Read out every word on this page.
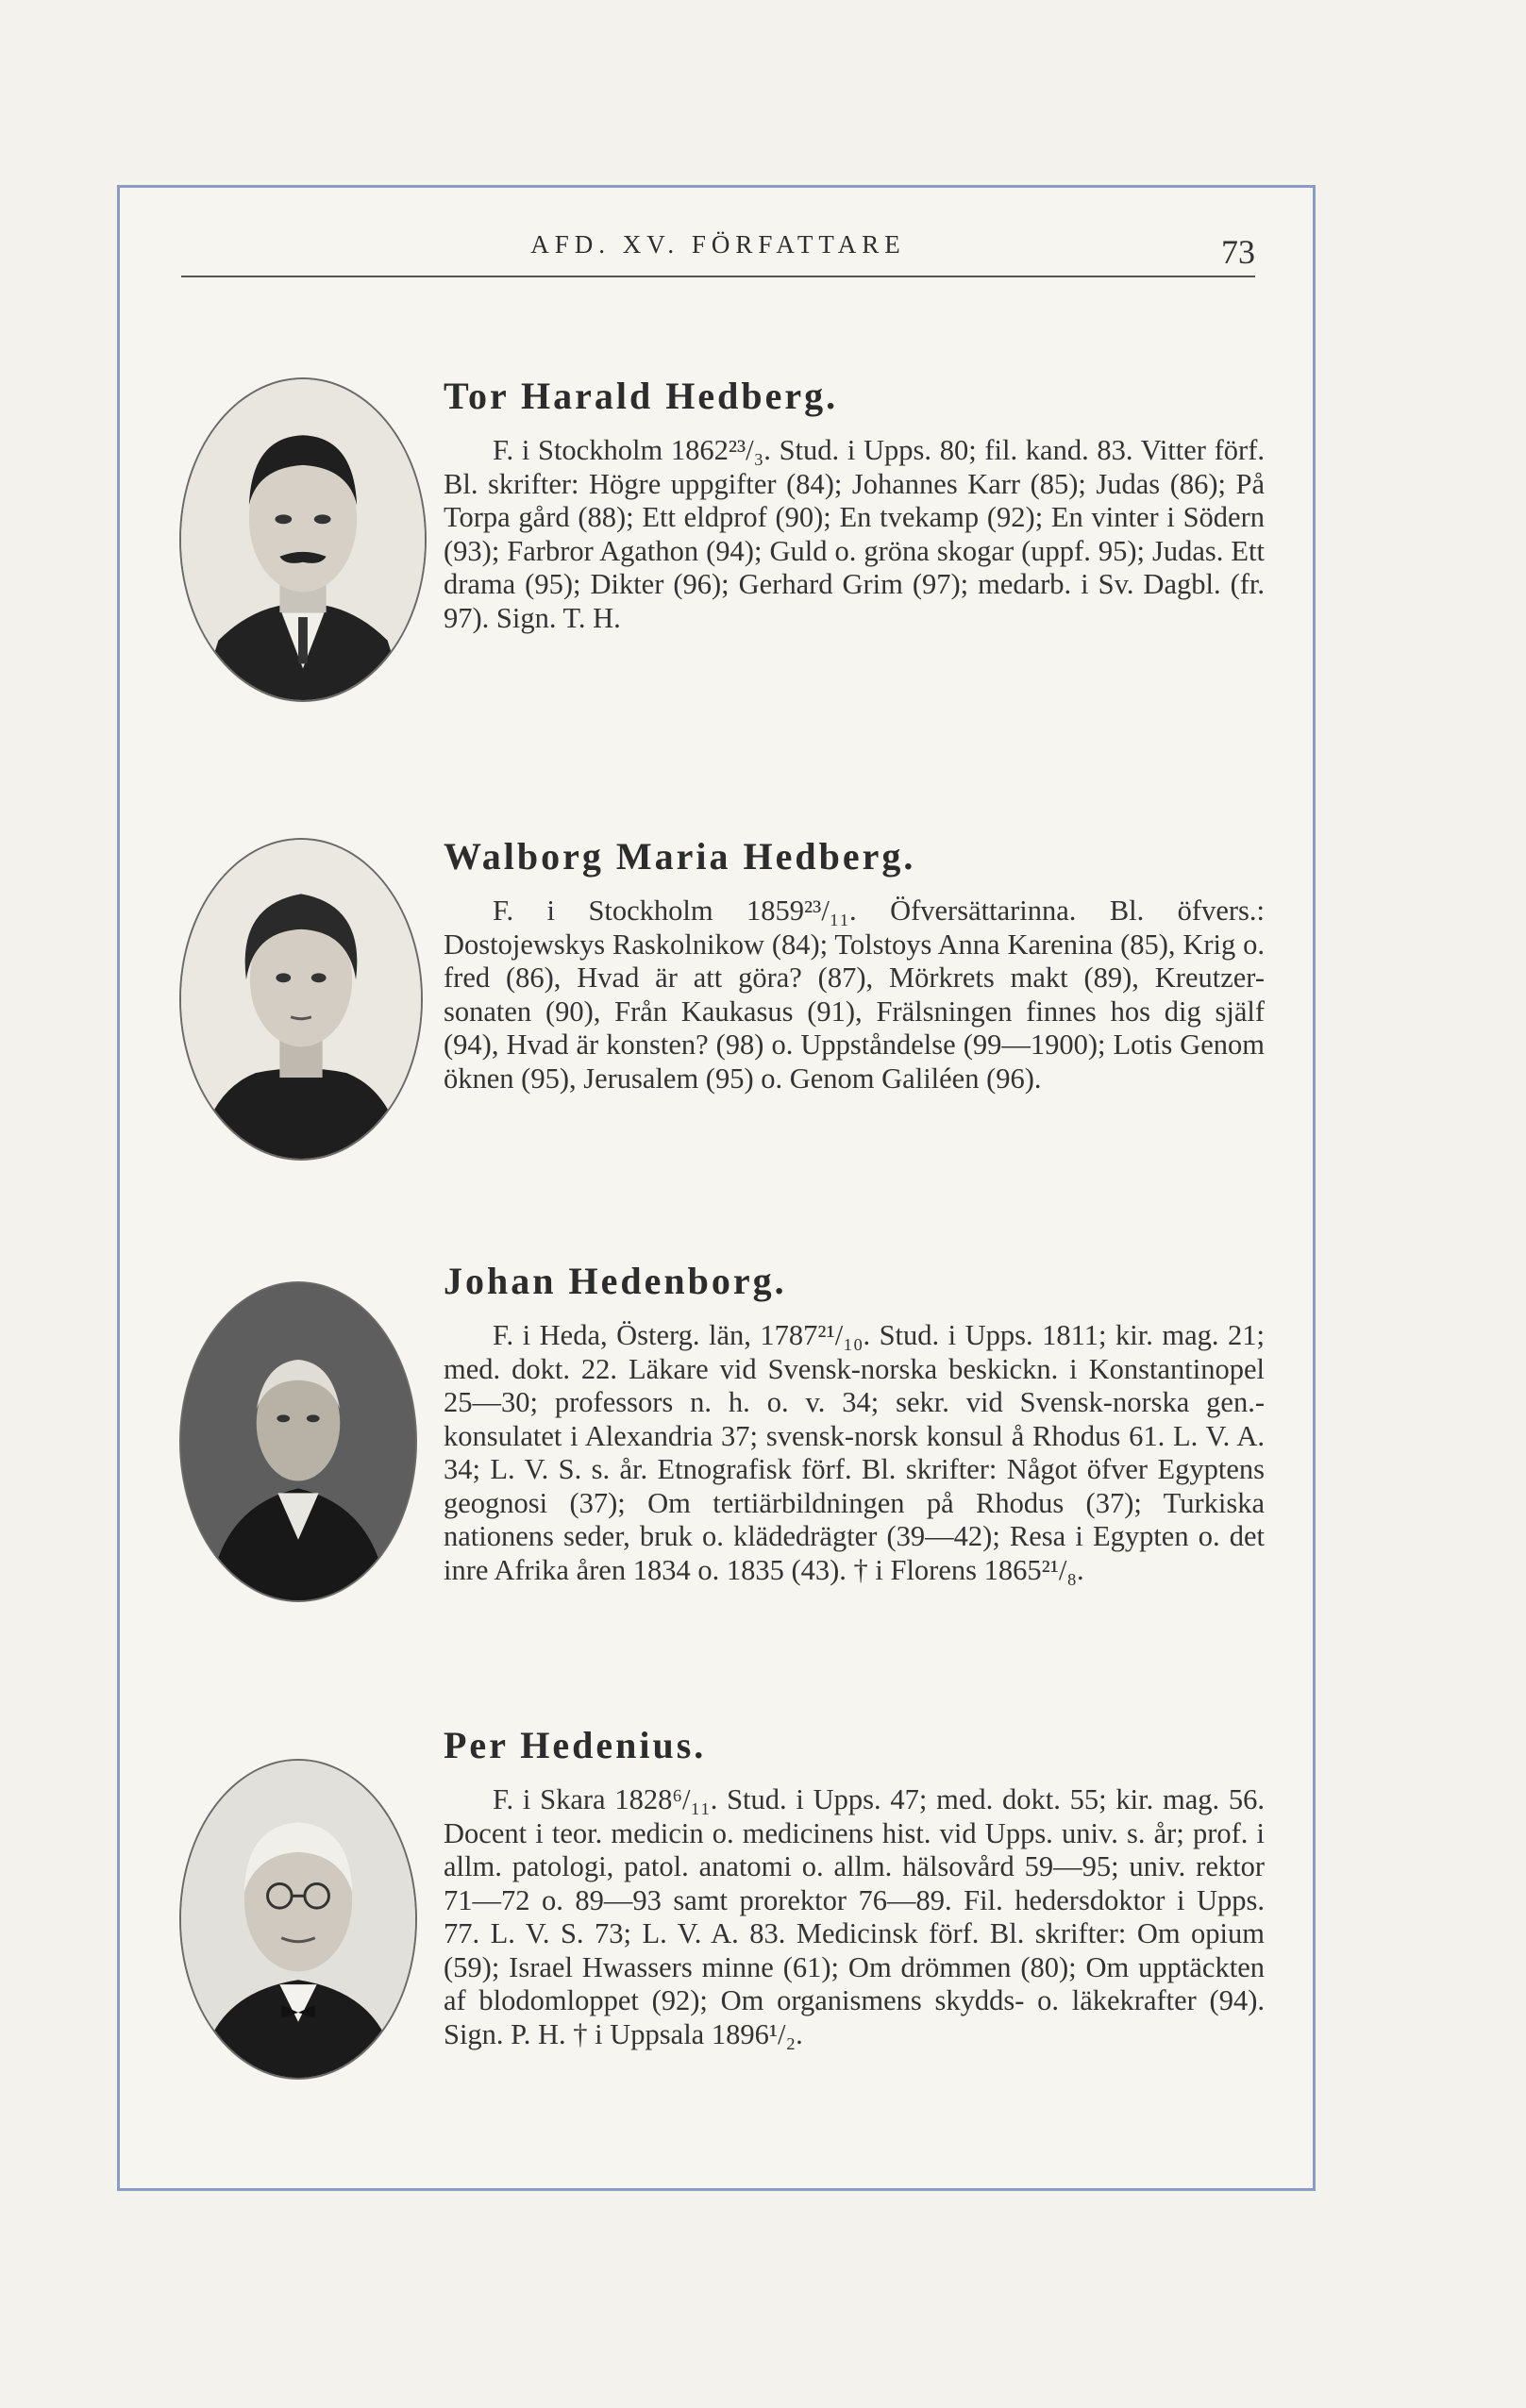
AFD. XV. FÖRFATTARE	73
Tor Harald Hedberg.
F. i Stockholm 1862²³/₃. Stud. i Upps. 80; fil. kand. 83. Vitter förf. Bl. skrifter: Högre uppgifter (84); Johannes Karr (85); Judas (86); På Torpa gård (88); Ett eldprof (90); En tvekamp (92); En vinter i Södern (93); Farbror Agathon (94); Guld o. gröna skogar (uppf. 95); Judas. Ett drama (95); Dikter (96); Gerhard Grim (97); medarb. i Sv. Dagbl. (fr. 97). Sign. T. H.
Walborg Maria Hedberg.
F. i Stockholm 1859²³/₁₁. Öfversättarinna. Bl. öfvers.: Dostojewskys Raskolnikow (84); Tolstoys Anna Karenina (85), Krig o. fred (86), Hvad är att göra? (87), Mörkrets makt (89), Kreutzer-sonaten (90), Från Kaukasus (91), Frälsningen finnes hos dig själf (94), Hvad är konsten? (98) o. Uppståndelse (99—1900); Lotis Genom öknen (95), Jerusalem (95) o. Genom Galiléen (96).
Johan Hedenborg.
F. i Heda, Österg. län, 1787²¹/₁₀. Stud. i Upps. 1811; kir. mag. 21; med. dokt. 22. Läkare vid Svensk-norska beskickn. i Konstantinopel 25—30; professors n. h. o. v. 34; sekr. vid Svensk-norska gen.-konsulatet i Alexandria 37; svensk-norsk konsul å Rhodus 61. L. V. A. 34; L. V. S. s. år. Etnografisk förf. Bl. skrifter: Något öfver Egyptens geognosi (37); Om tertiärbildningen på Rhodus (37); Turkiska nationens seder, bruk o. klädedrägter (39—42); Resa i Egypten o. det inre Afrika åren 1834 o. 1835 (43). † i Florens 1865²¹/₈.
Per Hedenius.
F. i Skara 1828⁶/₁₁. Stud. i Upps. 47; med. dokt. 55; kir. mag. 56. Docent i teor. medicin o. medicinens hist. vid Upps. univ. s. år; prof. i allm. patologi, patol. anatomi o. allm. hälsovård 59—95; univ. rektor 71—72 o. 89—93 samt prorektor 76—89. Fil. hedersdoktor i Upps. 77. L. V. S. 73; L. V. A. 83. Medicinsk förf. Bl. skrifter: Om opium (59); Israel Hwassers minne (61); Om drömmen (80); Om upptäckten af blodomloppet (92); Om organismens skydds- o. läkekrafter (94). Sign. P. H. † i Uppsala 1896¹/₂.
